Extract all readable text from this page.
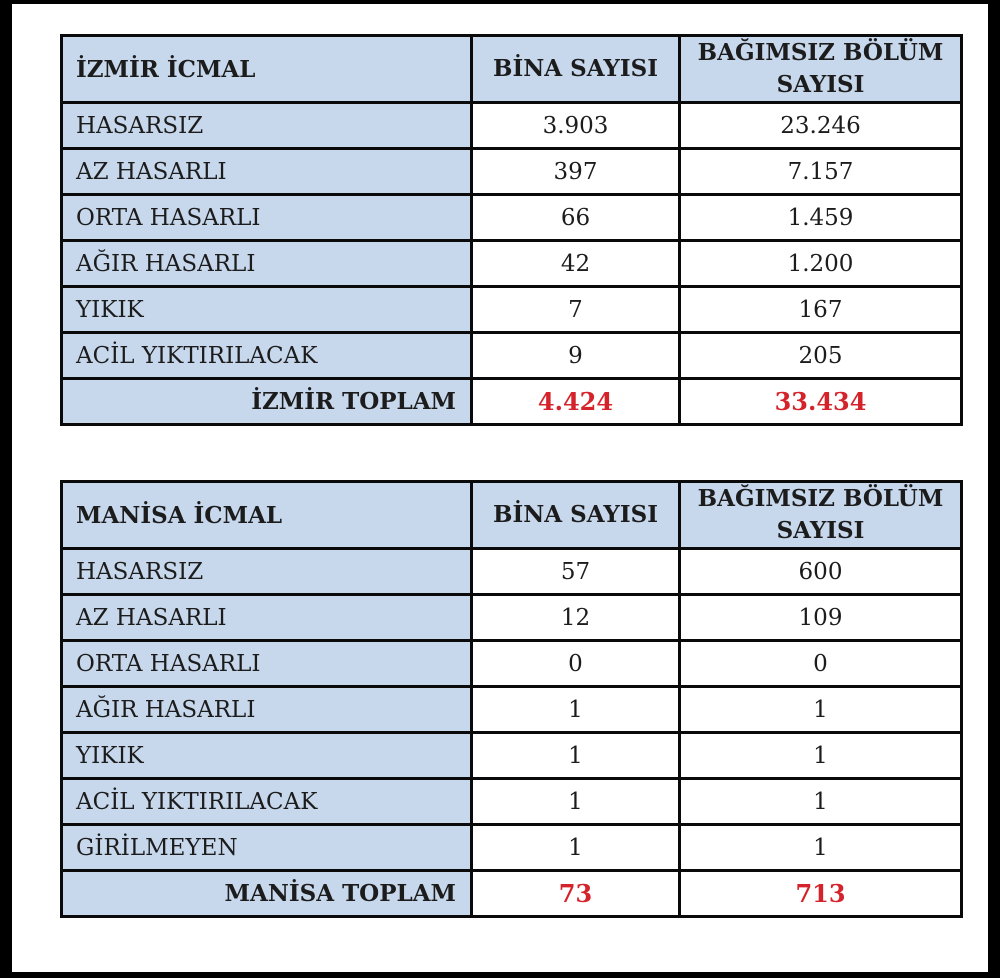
İZMİR İCMAL	BİNA SAYISI	BAĞIMSIZ BÖLÜM SAYISI
HASARSIZ	3.903	23.246
AZ HASARLI	397	7.157
ORTA HASARLI	66	1.459
AĞIR HASARLI	42	1.200
YIKIK	7	167
ACİL YIKTIRILACAK	9	205
İZMİR TOPLAM	4.424	33.434
MANİSA İCMAL	BİNA SAYISI	BAĞIMSIZ BÖLÜM SAYISI
HASARSIZ	57	600
AZ HASARLI	12	109
ORTA HASARLI	0	0
AĞIR HASARLI	1	1
YIKIK	1	1
ACİL YIKTIRILACAK	1	1
GİRİLMEYEN	1	1
MANİSA TOPLAM	73	713
